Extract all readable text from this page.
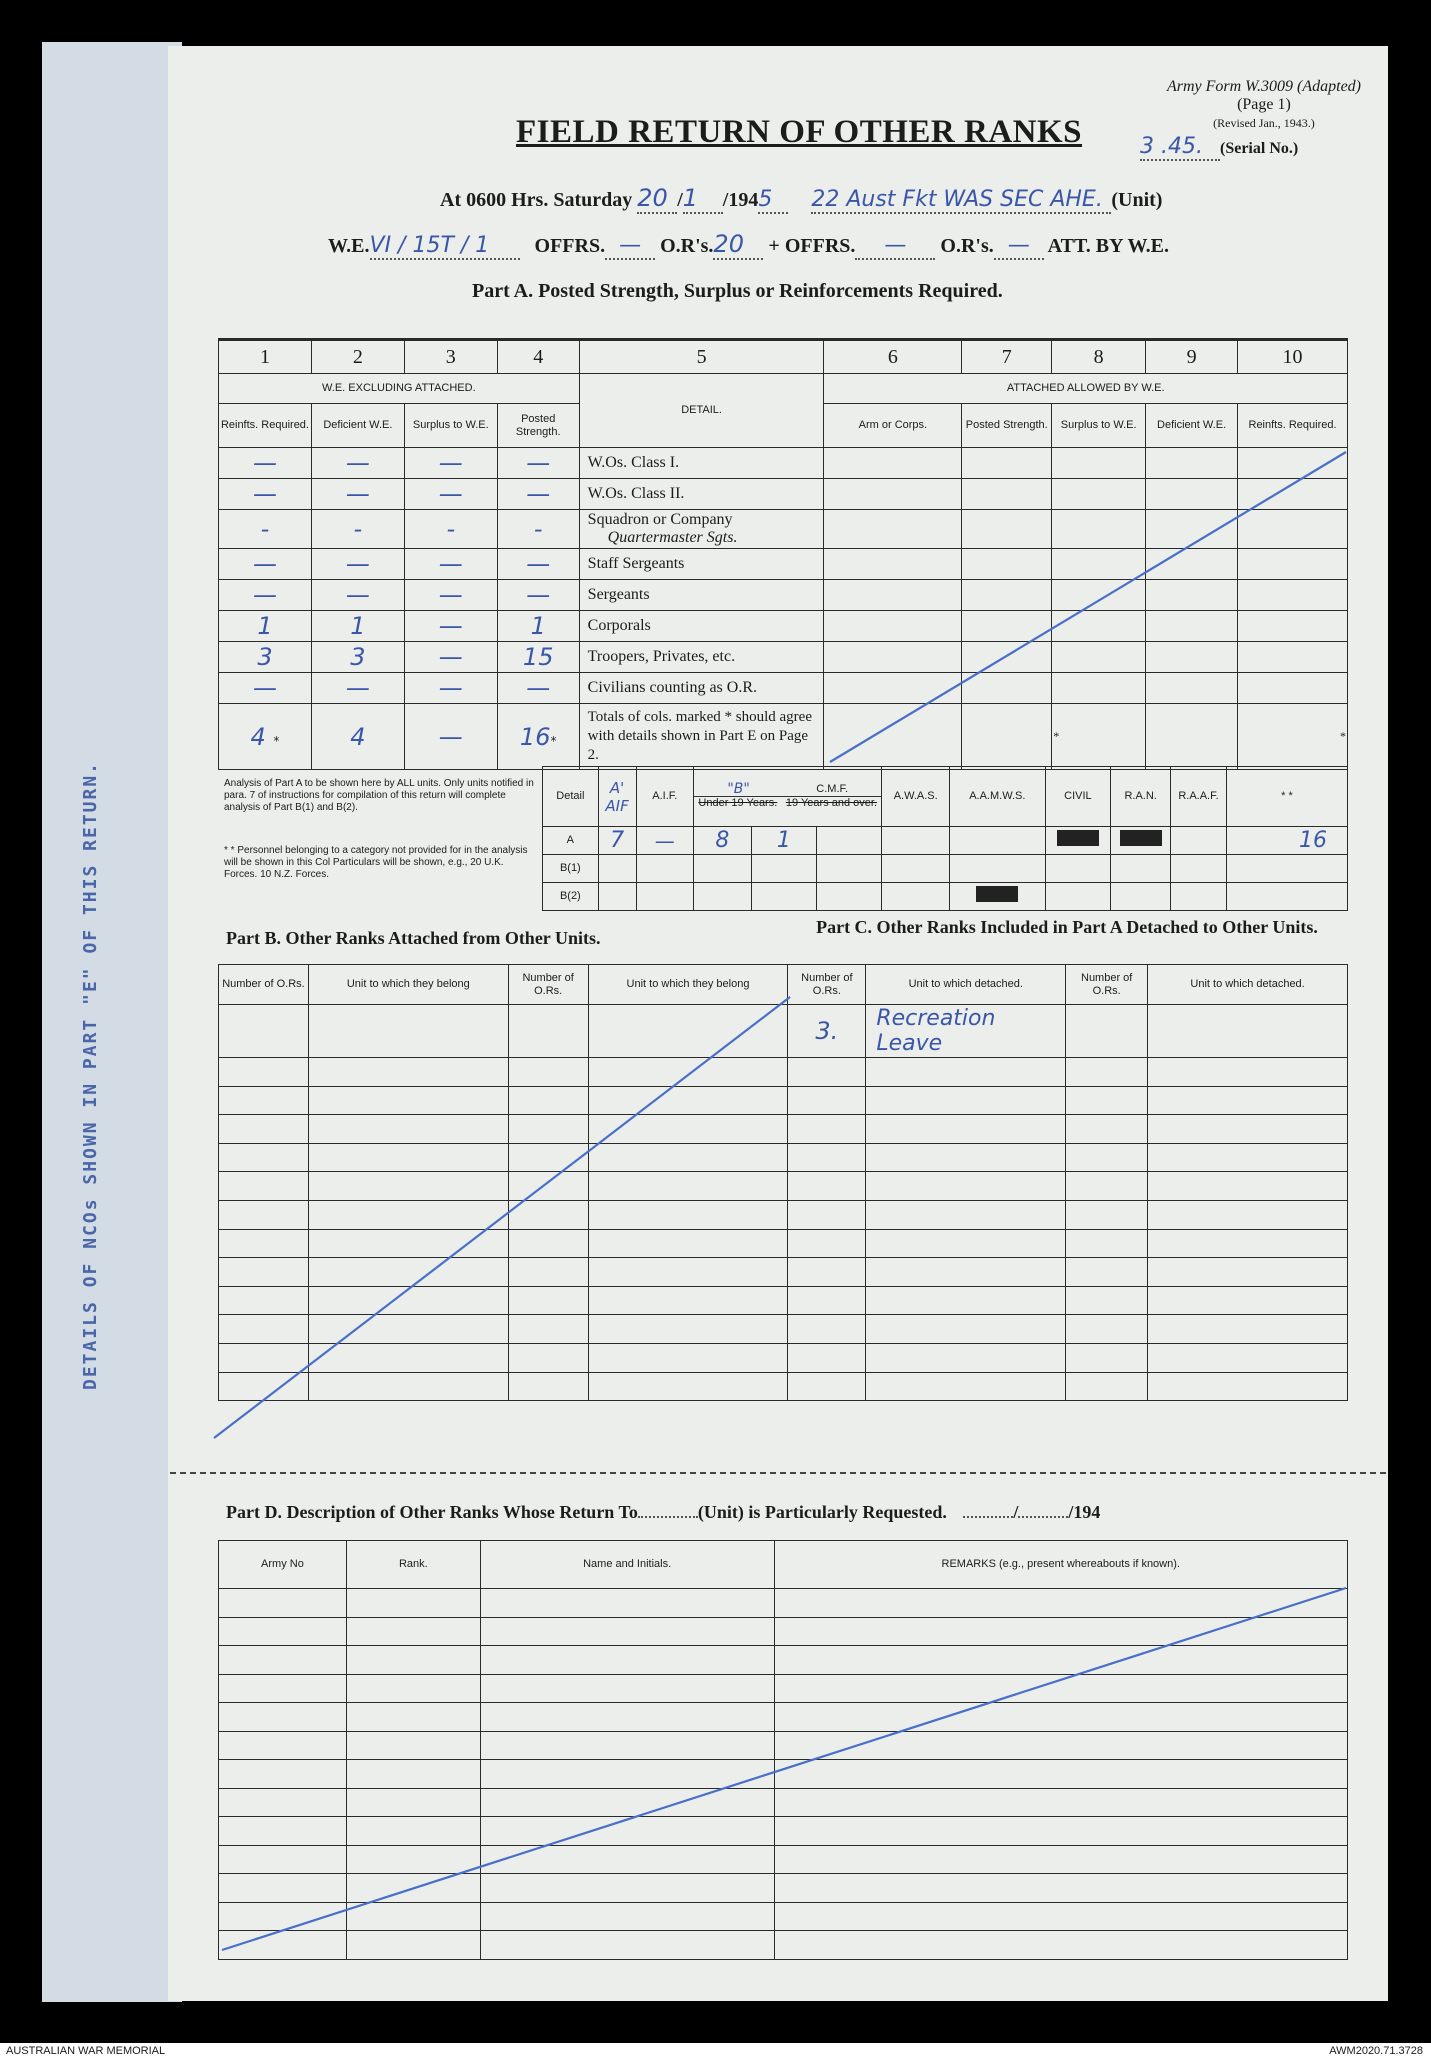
DETAILS OF NCOs SHOWN IN PART "E" OF THIS RETURN.
Army Form W.3009 (Adapted)
(Page 1)
(Revised Jan., 1943.)
3 .45. (Serial No.)
FIELD RETURN OF OTHER RANKS
At 0600 Hrs. Saturday 20 /1 /1945 22 Aust Fkt WAS SEC AHE. (Unit)
W.E.VI / 15T / 1 OFFRS. — O.R's.20 + OFFRS. — O.R's. — ATT. BY W.E.
Part A. Posted Strength, Surplus or Reinforcements Required.
1	2	3	4	5	6	7	8	9	10
W.E. EXCLUDING ATTACHED.				DETAIL.	ATTACHED ALLOWED BY W.E.				
Reinfts. Required.	Deficient W.E.	Surplus to W.E.	Posted Strength.		Arm or Corps.	Posted Strength.	Surplus to W.E.	Deficient W.E.	Reinfts. Required.
—	—	—	—	W.Os. Class I.					
—	—	—	—	W.Os. Class II.					
-	-	-	-	Squadron or Company
Quartermaster Sgts.					
—	—	—	—	Staff Sergeants					
—	—	—	—	Sergeants					
1	1	—	1	Corporals					
3	3	—	15	Troopers, Privates, etc.					
—	—	—	—	Civilians counting as O.R.					
4 *	4	—	16*	Totals of cols. marked * should agree with details shown in Part E on Page 2.			*		*
Analysis of Part A to be shown here by ALL units. Only units notified in para. 7 of instructions for compilation of this return will complete analysis of Part B(1) and B(2).
* * Personnel belonging to a category not provided for in the analysis will be shown in this Col Particulars will be shown, e.g., 20 U.K. Forces. 10 N.Z. Forces.
Detail	A' AIF	A.I.F.	"B" C.M.F.
Under 19 Years. 19 Years and over.			A.W.A.S.	A.A.M.W.S.	CIVIL	R.A.N.	R.A.A.F.	* *
A	7	—	8	1							16
B(1)											
B(2)											
Part B. Other Ranks Attached from Other Units.
Part C. Other Ranks Included in Part A Detached to Other Units.
Number of O.Rs.	Unit to which they belong	Number of O.Rs.	Unit to which they belong	Number of O.Rs.	Unit to which detached.	Number of O.Rs.	Unit to which detached.
				3.	Recreation Leave		

Part D. Description of Other Ranks Whose Return To	(Unit) is Particularly Requested.	/	/194
Army No	Rank.	Name and Initials.	REMARKS (e.g., present whereabouts if known).

AUSTRALIAN WAR MEMORIAL	AWM2020.71.3728
